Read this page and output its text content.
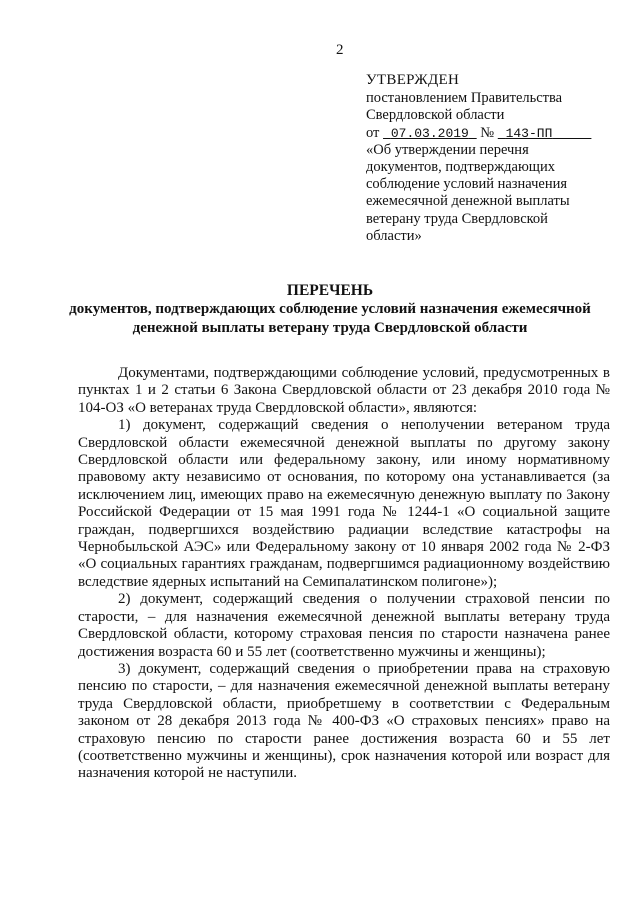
2
УТВЕРЖДЕН
постановлением Правительства
Свердловской области
от 07.03.2019 № 143-ПП
«Об утверждении перечня
документов, подтверждающих
соблюдение условий назначения
ежемесячной денежной выплаты
ветерану труда Свердловской
области»
ПЕРЕЧЕНЬ
документов, подтверждающих соблюдение условий назначения ежемесячной денежной выплаты ветерану труда Свердловской области

Документами, подтверждающими соблюдение условий, предусмотренных в пунктах 1 и 2 статьи 6 Закона Свердловской области от 23 декабря 2010 года № 104-ОЗ «О ветеранах труда Свердловской области», являются:

1) документ, содержащий сведения о неполучении ветераном труда Свердловской области ежемесячной денежной выплаты по другому закону Свердловской области или федеральному закону, или иному нормативному правовому акту независимо от основания, по которому она устанавливается (за исключением лиц, имеющих право на ежемесячную денежную выплату по Закону Российской Федерации от 15 мая 1991 года № 1244-1 «О социальной защите граждан, подвергшихся воздействию радиации вследствие катастрофы на Чернобыльской АЭС» или Федеральному закону от 10 января 2002 года № 2-ФЗ «О социальных гарантиях гражданам, подвергшимся радиационному воздействию вследствие ядерных испытаний на Семипалатинском полигоне»);

2) документ, содержащий сведения о получении страховой пенсии по старости, – для назначения ежемесячной денежной выплаты ветерану труда Свердловской области, которому страховая пенсия по старости назначена ранее достижения возраста 60 и 55 лет (соответственно мужчины и женщины);

3) документ, содержащий сведения о приобретении права на страховую пенсию по старости, – для назначения ежемесячной денежной выплаты ветерану труда Свердловской области, приобретшему в соответствии с Федеральным законом от 28 декабря 2013 года № 400-ФЗ «О страховых пенсиях» право на страховую пенсию по старости ранее достижения возраста 60 и 55 лет (соответственно мужчины и женщины), срок назначения которой или возраст для назначения которой не наступили.
